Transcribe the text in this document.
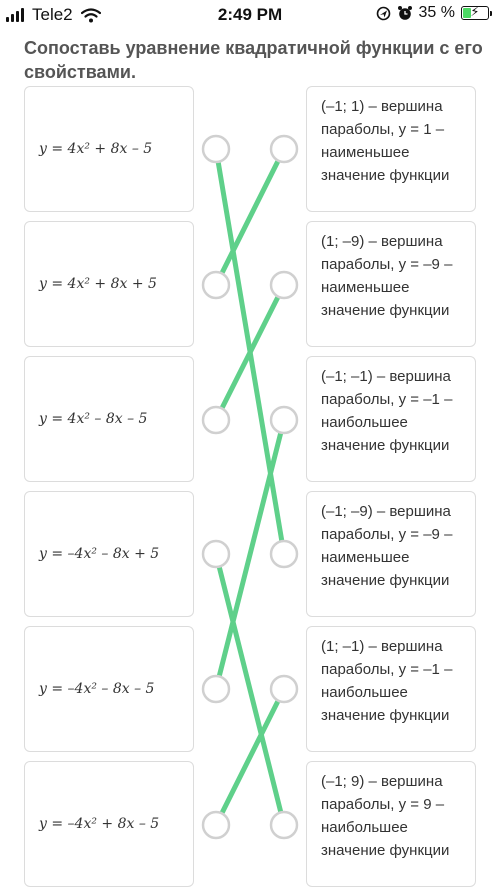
Tele2	2:49 PM	35 %	⚡
Сопоставь уравнение квадратичной функции с его свойствами.
y = 4x² + 8x – 5
y = 4x² + 8x + 5
y = 4x² – 8x – 5
y = –4x² – 8x + 5
y = –4x² – 8x – 5
y = –4x² + 8x – 5
(–1; 1) – вершина параболы, y = 1 – наименьшее значение функции
(1; –9) – вершина параболы, y = –9 – наименьшее значение функции
(–1; –1) – вершина параболы, y = –1 – наибольшее значение функции
(–1; –9) – вершина параболы, y = –9 – наименьшее значение функции
(1; –1) – вершина параболы, y = –1 – наибольшее значение функции
(–1; 9) – вершина параболы, y = 9 – наибольшее значение функции
